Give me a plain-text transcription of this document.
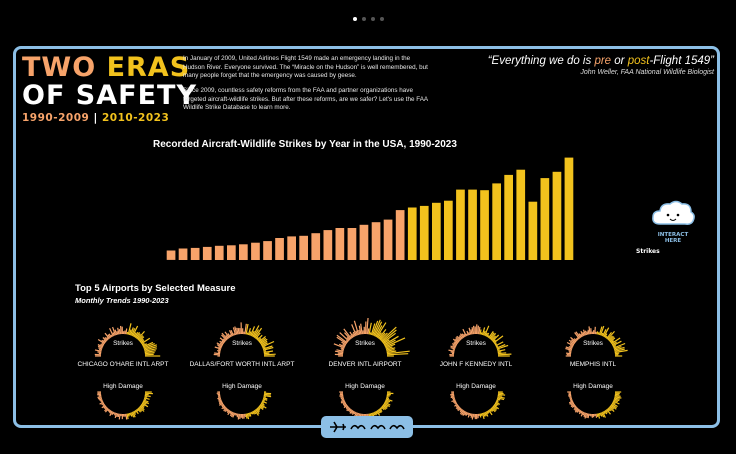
TWO ERAS
OF SAFETY
1990-2009 | 2010-2023

In January of 2009, United Airlines Flight 1549 made an emergency landing in the Hudson River. Everyone survived. The “Miracle on the Hudson” is well remembered, but many people forget that the emergency was caused by geese.

Since 2009, countless safety reforms from the FAA and partner organizations have targeted aircraft-wildlife strikes. But after these reforms, are we safer? Let's use the FAA Wildlife Strike Database to learn more.

“Everything we do is pre or post-Flight 1549”
John Weller, FAA National Wildlife Biologist
Recorded Aircraft-Wildlife Strikes by Year in the USA, 1990-2023
INTERACT
HERE
Strikes
Top 5 Airports by Selected Measure
Monthly Trends 1990-2023
Strikes
CHICAGO O'HARE INTL ARPT
High Damage
Strikes
DALLAS/FORT WORTH INTL ARPT
High Damage
Strikes
DENVER INTL AIRPORT
High Damage
Strikes
JOHN F KENNEDY INTL
High Damage
Strikes
MEMPHIS INTL
High Damage
